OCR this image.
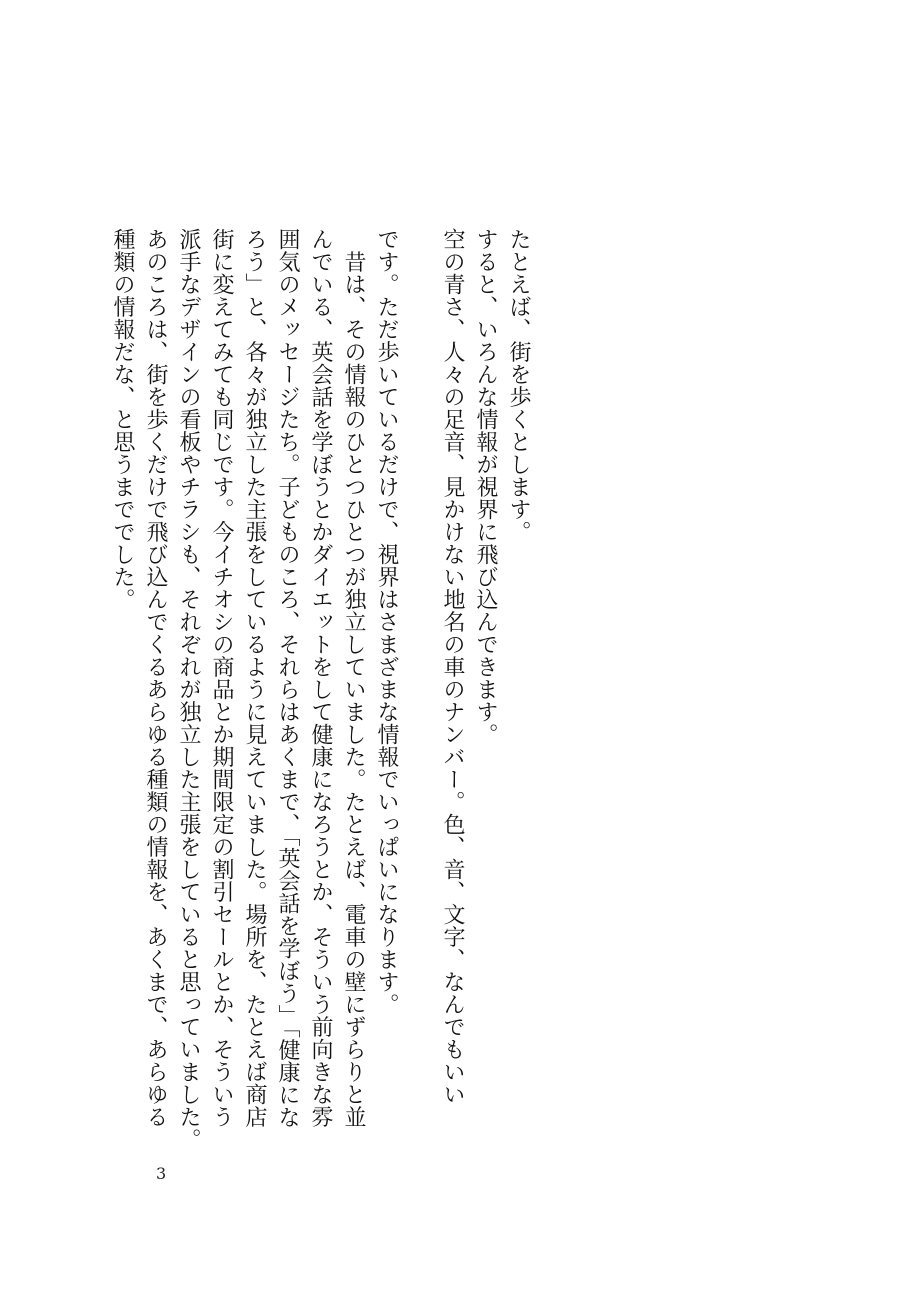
たとえば、街を歩くとします。
すると、いろんな情報が視界に飛び込んできます。
空の青さ、人々の足音、見かけない地名の車のナンバー。色、音、文字、なんでもいい
です。ただ歩いているだけで、視界はさまざまな情報でいっぱいになります。
　昔は、その情報のひとつひとつが独立していました。たとえば、電車の壁にずらりと並
んでいる、英会話を学ぼうとかダイエットをして健康になろうとか、そういう前向きな雰
囲気のメッセージたち。子どものころ、それらはあくまで、「英会話を学ぼう」「健康にな
ろう」と、各々が独立した主張をしているように見えていました。場所を、たとえば商店
街に変えてみても同じです。今イチオシの商品とか期間限定の割引セールとか、そういう
派手なデザインの看板やチラシも、それぞれが独立した主張をしていると思っていました。
あのころは、街を歩くだけで飛び込んでくるあらゆる種類の情報を、あくまで、あらゆる
種類の情報だな、と思うまででした。
3
